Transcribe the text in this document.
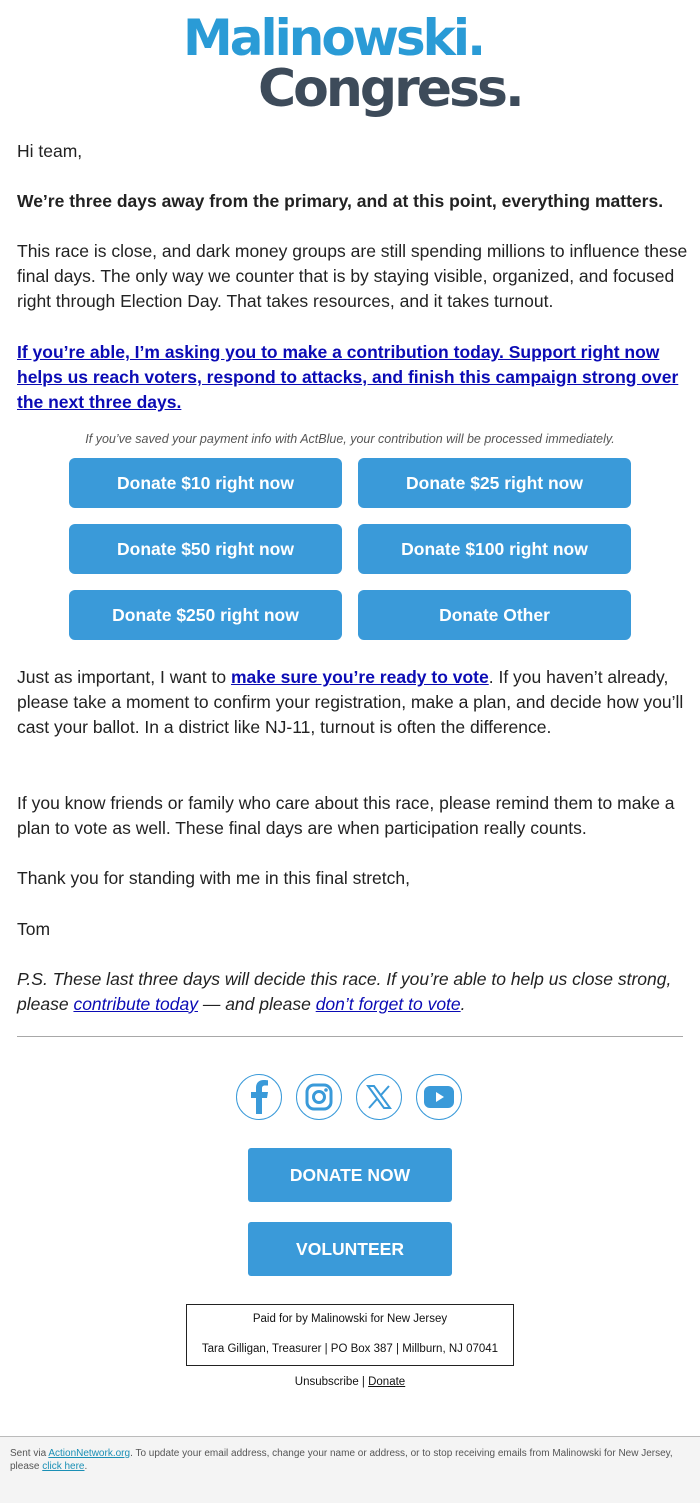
Malinowski.
Congress.

Hi team,

We’re three days away from the primary, and at this point, everything matters.

This race is close, and dark money groups are still spending millions to influence these final days. The only way we counter that is by staying visible, organized, and focused right through Election Day. That takes resources, and it takes turnout.

If you’re able, I’m asking you to make a contribution today. Support right now helps us reach voters, respond to attacks, and finish this campaign strong over the next three days.

If you’ve saved your payment info with ActBlue, your contribution will be processed immediately.
Donate $10 right now	Donate $25 right now
Donate $50 right now	Donate $100 right now
Donate $250 right now	Donate Other

Just as important, I want to make sure you’re ready to vote. If you haven’t already, please take a moment to confirm your registration, make a plan, and decide how you’ll cast your ballot. In a district like NJ-11, turnout is often the difference.

If you know friends or family who care about this race, please remind them to make a plan to vote as well. These final days are when participation really counts.

Thank you for standing with me in this final stretch,

Tom

P.S. These last three days will decide this race. If you’re able to help us close strong, please contribute today — and please don’t forget to vote.

DONATE NOW
VOLUNTEER
Paid for by Malinowski for New Jersey
Tara Gilligan, Treasurer | PO Box 387 | Millburn, NJ 07041
Unsubscribe | Donate
Sent via ActionNetwork.org. To update your email address, change your name or address, or to stop receiving emails from Malinowski for New Jersey, please click here.
